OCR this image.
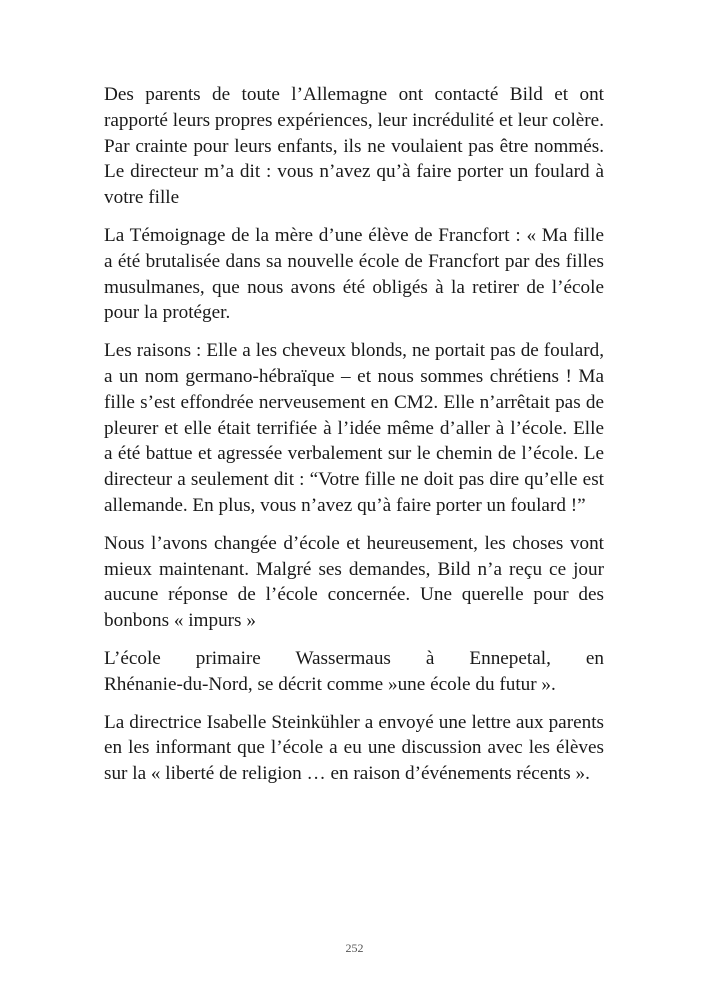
Des parents de toute l’Allemagne ont contacté Bild et ont rapporté leurs propres expériences, leur incrédulité et leur colère. Par crainte pour leurs enfants, ils ne voulaient pas être nommés. Le directeur m’a dit : vous n’avez qu’à faire porter un foulard à votre fille

La Témoignage de la mère d’une élève de Francfort : « Ma fille a été brutalisée dans sa nouvelle école de Francfort par des filles musulmanes, que nous avons été obligés à la retirer de l’école pour la protéger.

Les raisons : Elle a les cheveux blonds, ne portait pas de foulard, a un nom germano-hébraïque – et nous sommes chrétiens ! Ma fille s’est effondrée nerveusement en CM2. Elle n’arrêtait pas de pleurer et elle était terrifiée à l’idée même d’aller à l’école. Elle a été battue et agressée verbalement sur le chemin de l’école. Le directeur a seulement dit : “Votre fille ne doit pas dire qu’elle est allemande. En plus, vous n’avez qu’à faire porter un foulard !”

Nous l’avons changée d’école et heureusement, les choses vont mieux maintenant. Malgré ses demandes, Bild n’a reçu ce jour aucune réponse de l’école concernée. Une querelle pour des bonbons « impurs »

L’école primaire Wassermaus à Ennepetal, en
Rhénanie-du-Nord, se décrit comme »une école du futur ».

La directrice Isabelle Steinkühler a envoyé une lettre aux parents en les informant que l’école a eu une discussion avec les élèves sur la « liberté de religion … en raison d’événements récents ».

252
